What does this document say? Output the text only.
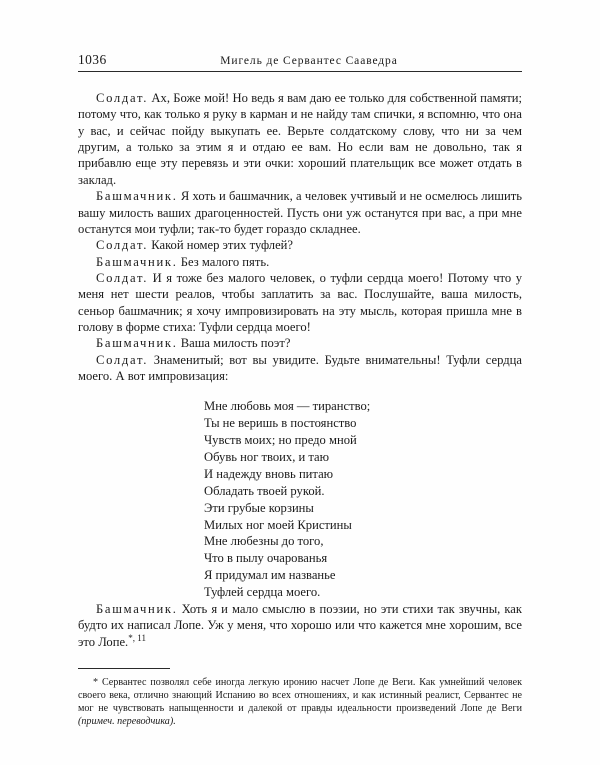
1036	Мигель де Сервантес Сааведра

Солдат. Ах, Боже мой! Но ведь я вам даю ее только для собственной памяти; потому что, как только я руку в карман и не найду там спички, я вспомню, что она у вас, и сейчас пойду выкупать ее. Верьте солдатскому слову, что ни за чем другим, а только за этим я и отдаю ее вам. Но если вам не довольно, так я прибавлю еще эту перевязь и эти очки: хороший плательщик все может отдать в заклад.

Башмачник. Я хоть и башмачник, а человек учтивый и не осмелюсь лишить вашу милость ваших драгоценностей. Пусть они уж останутся при вас, а при мне останутся мои туфли; так-то будет гораздо складнее.

Солдат. Какой номер этих туфлей?

Башмачник. Без малого пять.

Солдат. И я тоже без малого человек, о туфли сердца моего! Потому что у меня нет шести реалов, чтобы заплатить за вас. Послушайте, ваша милость, сеньор башмачник; я хочу импровизировать на эту мысль, которая пришла мне в голову в форме стиха: Туфли сердца моего!

Башмачник. Ваша милость поэт?

Солдат. Знаменитый; вот вы увидите. Будьте внимательны! Туфли сердца моего. А вот импровизация:

Мне любовь моя — тиранство;
Ты не веришь в постоянство
Чувств моих; но предо мной
Обувь ног твоих, и таю
И надежду вновь питаю
Обладать твоей рукой.
Эти грубые корзины
Милых ног моей Кристины
Мне любезны до того,
Что в пылу очарованья
Я придумал им названье
Туфлей сердца моего.

Башмачник. Хоть я и мало смыслю в поэзии, но эти стихи так звучны, как будто их написал Лопе. Уж у меня, что хорошо или что кажется мне хорошим, все это Лопе.$^{*, 11}$

* Сервантес позволял себе иногда легкую иронию насчет Лопе де Веги. Как умнейший человек своего века, отлично знающий Испанию во всех отношениях, и как истинный реалист, Сервантес не мог не чувствовать напыщенности и далекой от правды идеальности произведений Лопе де Веги (примеч. переводчика).
